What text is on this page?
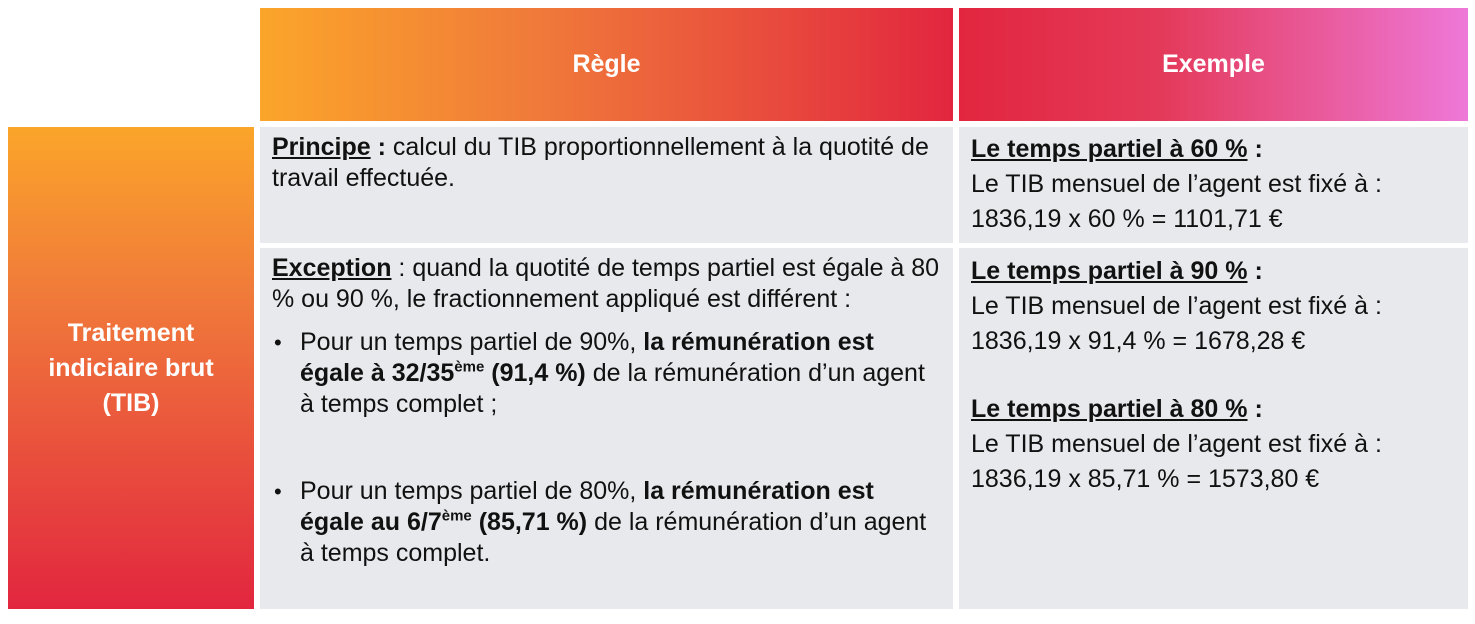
Règle	Exemple
Traitement
indiciaire brut
(TIB)

Principe : calcul du TIB proportionnellement à la quotité de travail effectuée.

Le temps partiel à 60 % :
Le TIB mensuel de l’agent est fixé à :
1836,19 x 60 % = 1101,71 €

Exception : quand la quotité de temps partiel est égale à 80 % ou 90 %, le fractionnement appliqué est différent :

• Pour un temps partiel de 90%, la rémunération est égale à 32/35ème (91,4 %) de la rémunération d’un agent à temps complet ;
• Pour un temps partiel de 80%, la rémunération est égale au 6/7ème (85,71 %) de la rémunération d’un agent à temps complet.
Le temps partiel à 90 % :
Le TIB mensuel de l’agent est fixé à :
1836,19 x 91,4 % = 1678,28 €
Le temps partiel à 80 % :
Le TIB mensuel de l’agent est fixé à :
1836,19 x 85,71 % = 1573,80 €
